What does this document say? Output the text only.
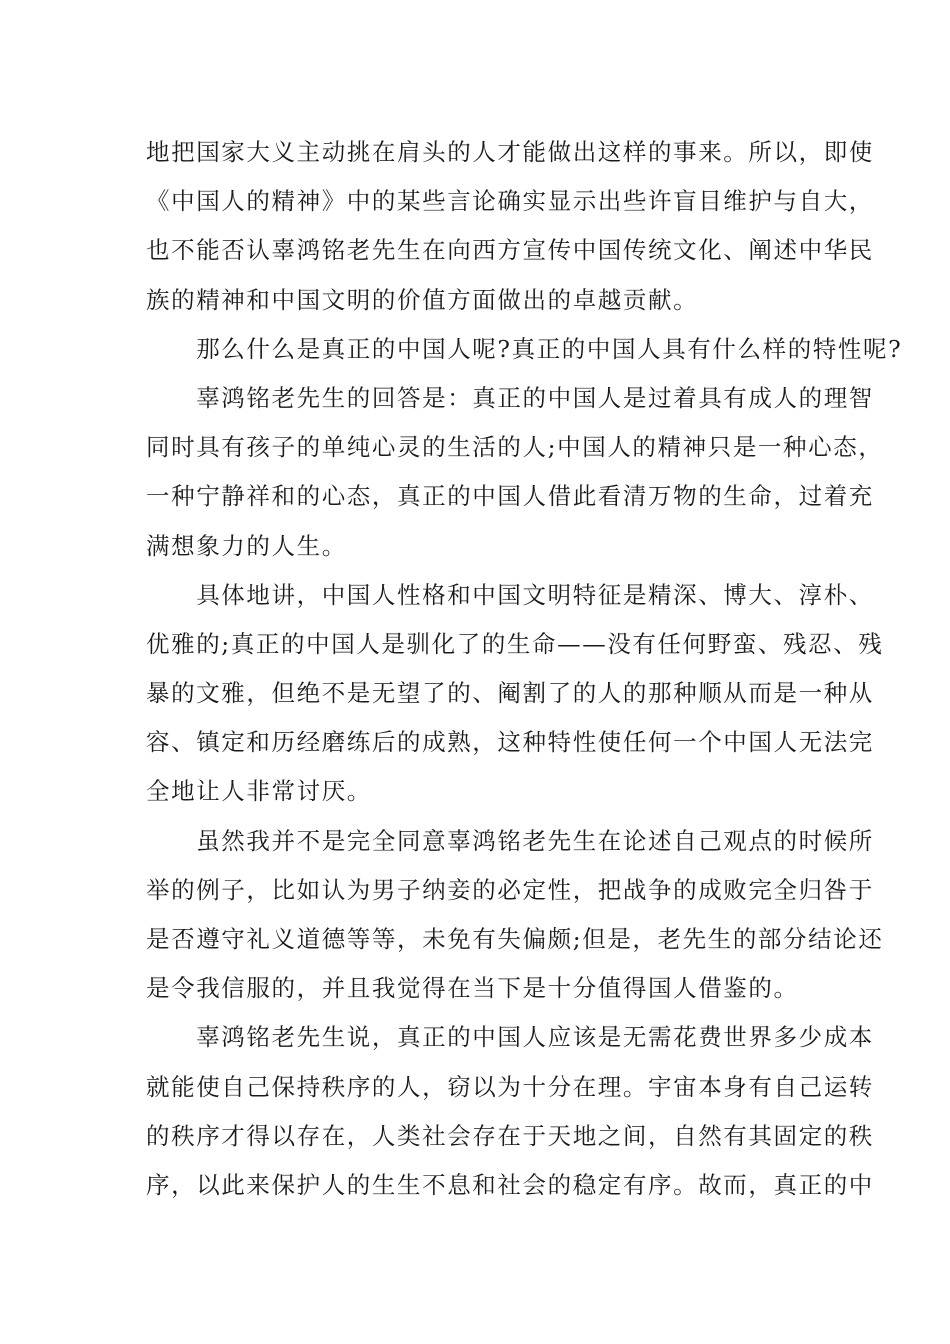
地把国家大义主动挑在肩头的人才能做出这样的事来。所以，即使
《中国人的精神》中的某些言论确实显示出些许盲目维护与自大，
也不能否认辜鸿铭老先生在向西方宣传中国传统文化、阐述中华民
族的精神和中国文明的价值方面做出的卓越贡献。
　　那么什么是真正的中国人呢?真正的中国人具有什么样的特性呢?
　　辜鸿铭老先生的回答是：真正的中国人是过着具有成人的理智
同时具有孩子的单纯心灵的生活的人;中国人的精神只是一种心态，
一种宁静祥和的心态，真正的中国人借此看清万物的生命，过着充
满想象力的人生。
　　具体地讲，中国人性格和中国文明特征是精深、博大、淳朴、
优雅的;真正的中国人是驯化了的生命——没有任何野蛮、残忍、残
暴的文雅，但绝不是无望了的、阉割了的人的那种顺从而是一种从
容、镇定和历经磨练后的成熟，这种特性使任何一个中国人无法完
全地让人非常讨厌。
　　虽然我并不是完全同意辜鸿铭老先生在论述自己观点的时候所
举的例子，比如认为男子纳妾的必定性，把战争的成败完全归咎于
是否遵守礼义道德等等，未免有失偏颇;但是，老先生的部分结论还
是令我信服的，并且我觉得在当下是十分值得国人借鉴的。
　　辜鸿铭老先生说，真正的中国人应该是无需花费世界多少成本
就能使自己保持秩序的人，窃以为十分在理。宇宙本身有自己运转
的秩序才得以存在，人类社会存在于天地之间，自然有其固定的秩
序，以此来保护人的生生不息和社会的稳定有序。故而，真正的中
